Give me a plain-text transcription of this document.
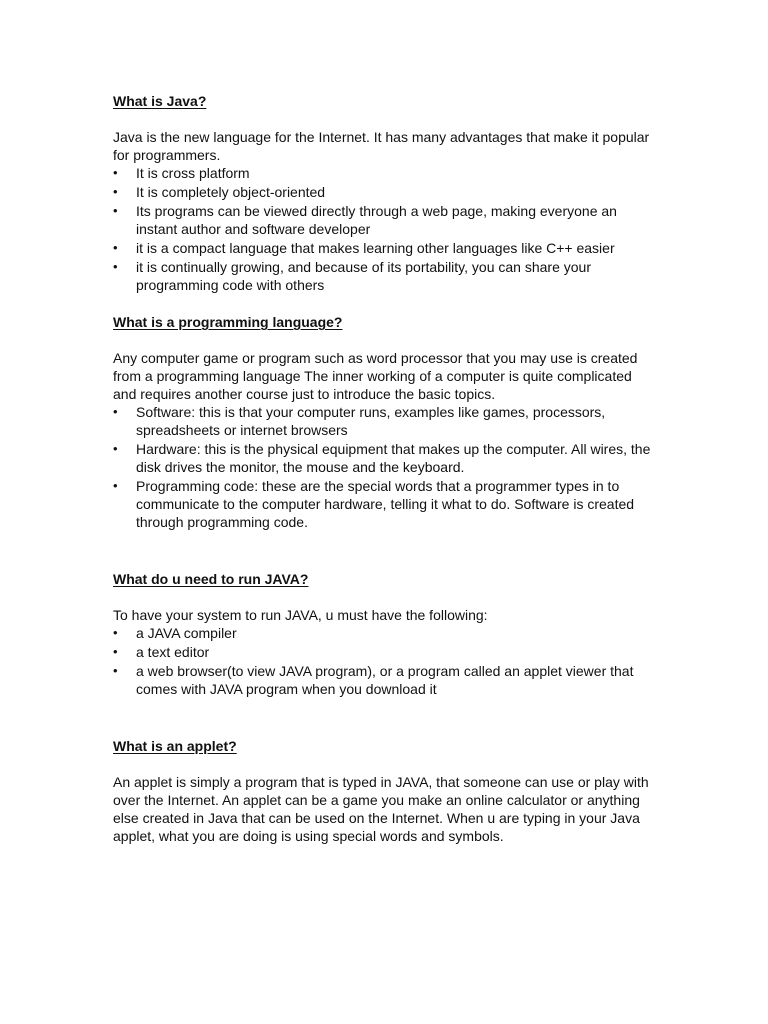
What is Java?

Java is the new language for the Internet. It has many advantages that make it popular for programmers.

•	It is cross platform
•	It is completely object-oriented
•	Its programs can be viewed directly through a web page, making everyone an instant author and software developer
•	it is a compact language that makes learning other languages like C++ easier
•	it is continually growing, and because of its portability, you can share your programming code with others
What is a programming language?

Any computer game or program such as word processor that you may use is created from a programming language The inner working of a computer is quite complicated and requires another course just to introduce the basic topics.

•	Software: this is that your computer runs, examples like games, processors, spreadsheets or internet browsers
•	Hardware: this is the physical equipment that makes up the computer. All wires, the disk drives the monitor, the mouse and the keyboard.
•	Programming code: these are the special words that a programmer types in to communicate to the computer hardware, telling it what to do. Software is created through programming code.
What do u need to run JAVA?

To have your system to run JAVA, u must have the following:

•	a JAVA compiler
•	a text editor
•	a web browser(to view JAVA program), or a program called an applet viewer that comes with JAVA program when you download it
What is an applet?

An applet is simply a program that is typed in JAVA, that someone can use or play with over the Internet. An applet can be a game you make an online calculator or anything else created in Java that can be used on the Internet. When u are typing in your Java applet, what you are doing is using special words and symbols.
